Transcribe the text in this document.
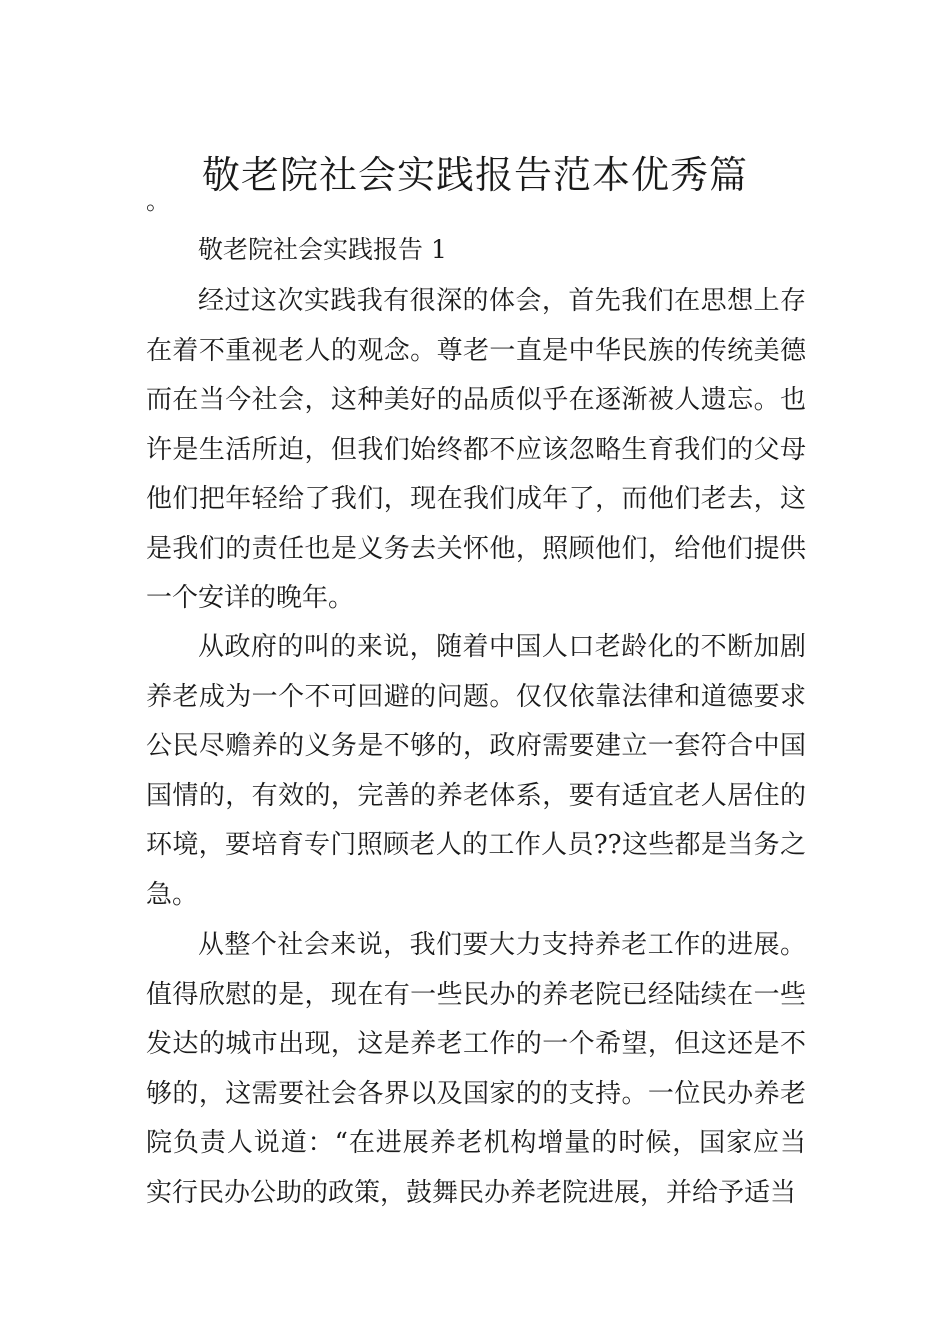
敬老院社会实践报告范本优秀篇
。
敬老院社会实践报告 1

经过这次实践我有很深的体会，首先我们在思想上存在着不重视老人的观念。尊老一直是中华民族的传统美德而在当今社会，这种美好的品质似乎在逐渐被人遗忘。也许是生活所迫，但我们始终都不应该忽略生育我们的父母他们把年轻给了我们，现在我们成年了，而他们老去，这是我们的责任也是义务去关怀他，照顾他们，给他们提供一个安详的晚年。

从政府的叫的来说，随着中国人口老龄化的不断加剧养老成为一个不可回避的问题。仅仅依靠法律和道德要求公民尽赡养的义务是不够的，政府需要建立一套符合中国国情的，有效的，完善的养老体系，要有适宜老人居住的环境，要培育专门照顾老人的工作人员??这些都是当务之急。

从整个社会来说，我们要大力支持养老工作的进展。值得欣慰的是，现在有一些民办的养老院已经陆续在一些发达的城市出现，这是养老工作的一个希望，但这还是不够的，这需要社会各界以及国家的的支持。一位民办养老院负责人说道：“在进展养老机构增量的时候，国家应当实行民办公助的政策，鼓舞民办养老院进展，并给予适当
